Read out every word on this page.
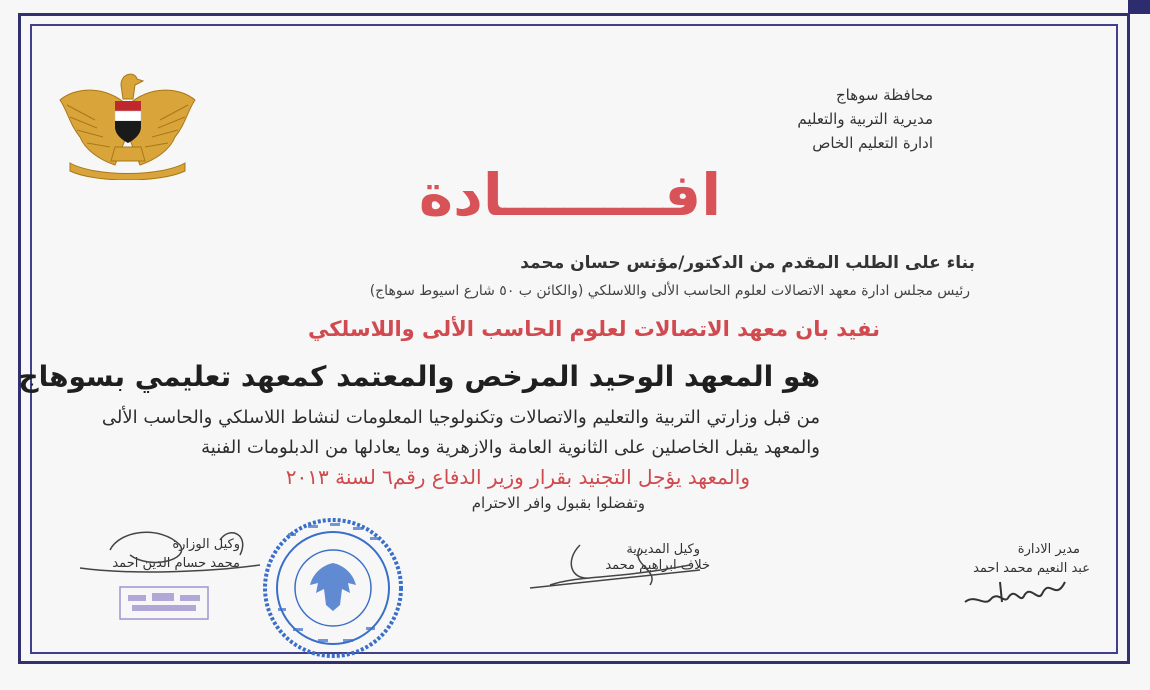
محافظة سوهاج
مديرية التربية والتعليم
ادارة التعليم الخاص
افــــــــادة
بناء على الطلب المقدم من الدكتور/مؤنس حسان محمد
رئيس مجلس ادارة معهد الاتصالات لعلوم الحاسب الألى واللاسلكي (والكائن ب ٥٠ شارع اسيوط سوهاج)
نفيد بان معهد الاتصالات لعلوم الحاسب الألى واللاسلكي
هو المعهد الوحيد المرخص والمعتمد كمعهد تعليمي بسوهاج
من قبل وزارتي التربية والتعليم والاتصالات وتكنولوجيا المعلومات لنشاط اللاسلكي والحاسب الألى
والمعهد يقبل الخاصلين على الثانوية العامة والازهرية وما يعادلها من الدبلومات الفنية
والمعهد يؤجل التجنيد بقرار وزير الدفاع رقم٦ لسنة ٢٠١٣
وتفضلوا بقبول وافر الاحترام
مدير الادارة
عبد النعيم محمد احمد
وكيل المديرية
خلاف ابراهيم محمد
وكيل الوزارة
محمد حسام الدين احمد
